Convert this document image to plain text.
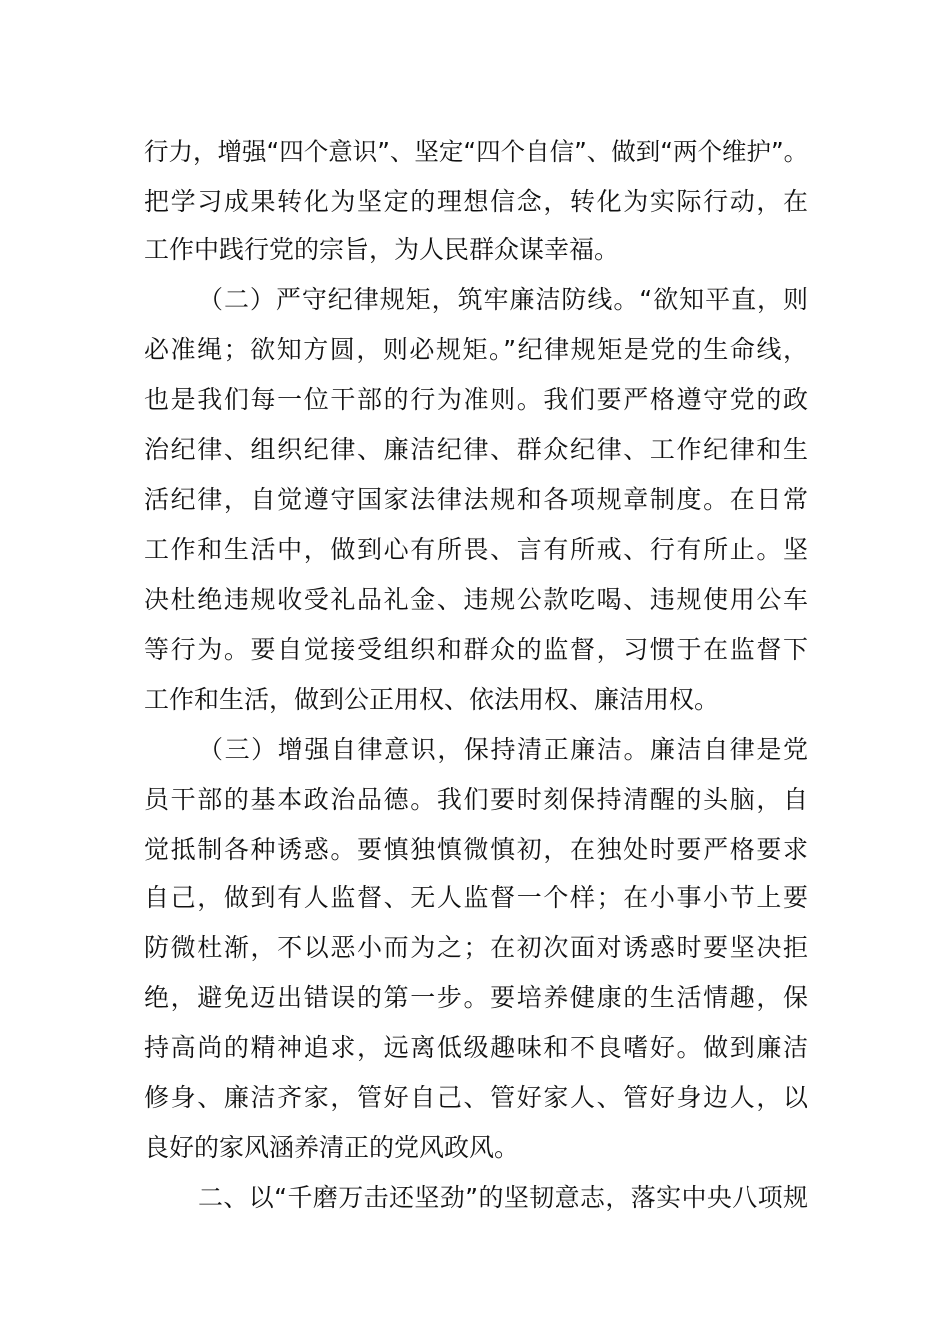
行力，增强“四个意识”、坚定“四个自信”、做到“两个维护”。
把学习成果转化为坚定的理想信念，转化为实际行动，在
工作中践行党的宗旨，为人民群众谋幸福。
（二）严守纪律规矩，筑牢廉洁防线。“欲知平直，则
必准绳；欲知方圆，则必规矩。”纪律规矩是党的生命线，
也是我们每一位干部的行为准则。我们要严格遵守党的政
治纪律、组织纪律、廉洁纪律、群众纪律、工作纪律和生
活纪律，自觉遵守国家法律法规和各项规章制度。在日常
工作和生活中，做到心有所畏、言有所戒、行有所止。坚
决杜绝违规收受礼品礼金、违规公款吃喝、违规使用公车
等行为。要自觉接受组织和群众的监督，习惯于在监督下
工作和生活，做到公正用权、依法用权、廉洁用权。
（三）增强自律意识，保持清正廉洁。廉洁自律是党
员干部的基本政治品德。我们要时刻保持清醒的头脑，自
觉抵制各种诱惑。要慎独慎微慎初，在独处时要严格要求
自己，做到有人监督、无人监督一个样；在小事小节上要
防微杜渐，不以恶小而为之；在初次面对诱惑时要坚决拒
绝，避免迈出错误的第一步。要培养健康的生活情趣，保
持高尚的精神追求，远离低级趣味和不良嗜好。做到廉洁
修身、廉洁齐家，管好自己、管好家人、管好身边人，以
良好的家风涵养清正的党风政风。
二、以“千磨万击还坚劲”的坚韧意志，落实中央八项规
